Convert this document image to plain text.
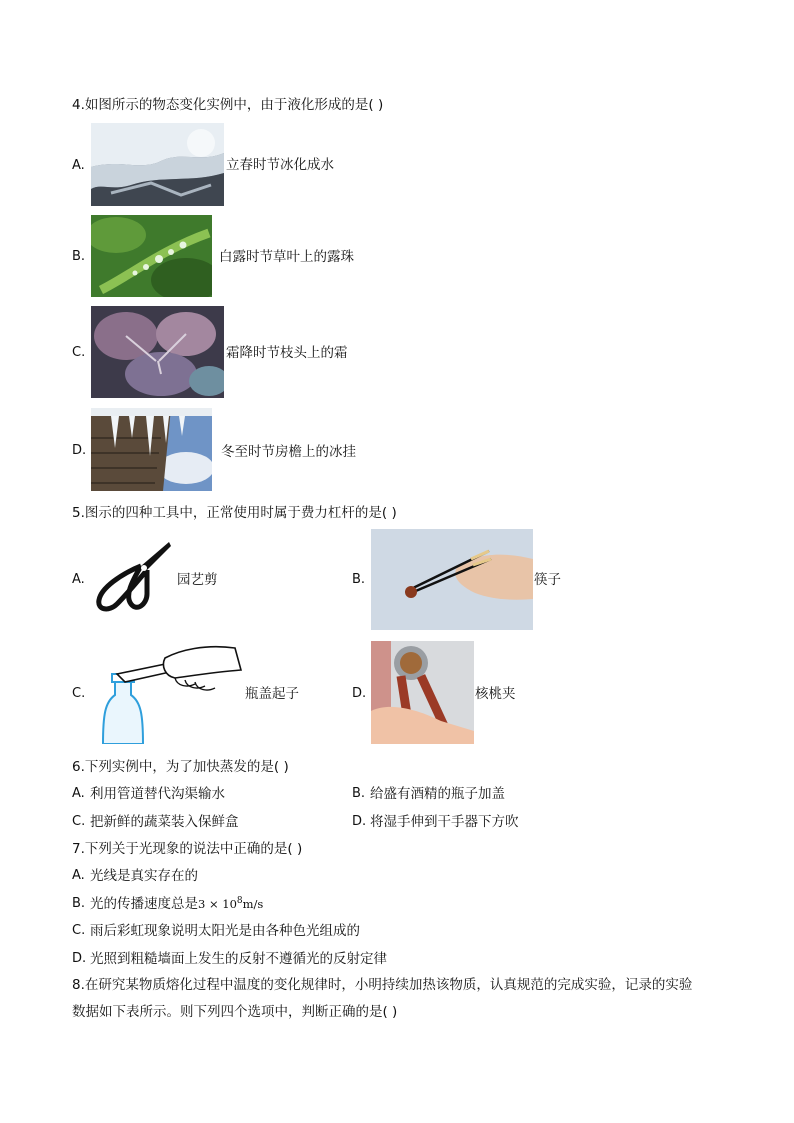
4.如图所示的物态变化实例中，由于液化形成的是( )
A.	立春时节冰化成水
B.	白露时节草叶上的露珠
C.	霜降时节枝头上的霜
D.	冬至时节房檐上的冰挂
5.图示的四种工具中，正常使用时属于费力杠杆的是( )
A.	园艺剪	B.	筷子
C.	瓶盖起子	D.	核桃夹
6.下列实例中，为了加快蒸发的是( )
A. 利用管道替代沟渠输水	B. 给盛有酒精的瓶子加盖
C. 把新鲜的蔬菜装入保鲜盒	D. 将湿手伸到干手器下方吹
7.下列关于光现象的说法中正确的是( )
A. 光线是真实存在的
B. 光的传播速度总是$3 \times 10^8m/s$
C. 雨后彩虹现象说明太阳光是由各种色光组成的
D. 光照到粗糙墙面上发生的反射不遵循光的反射定律
8.在研究某物质熔化过程中温度的变化规律时，小明持续加热该物质，认真规范的完成实验，记录的实验
数据如下表所示。则下列四个选项中，判断正确的是( )
